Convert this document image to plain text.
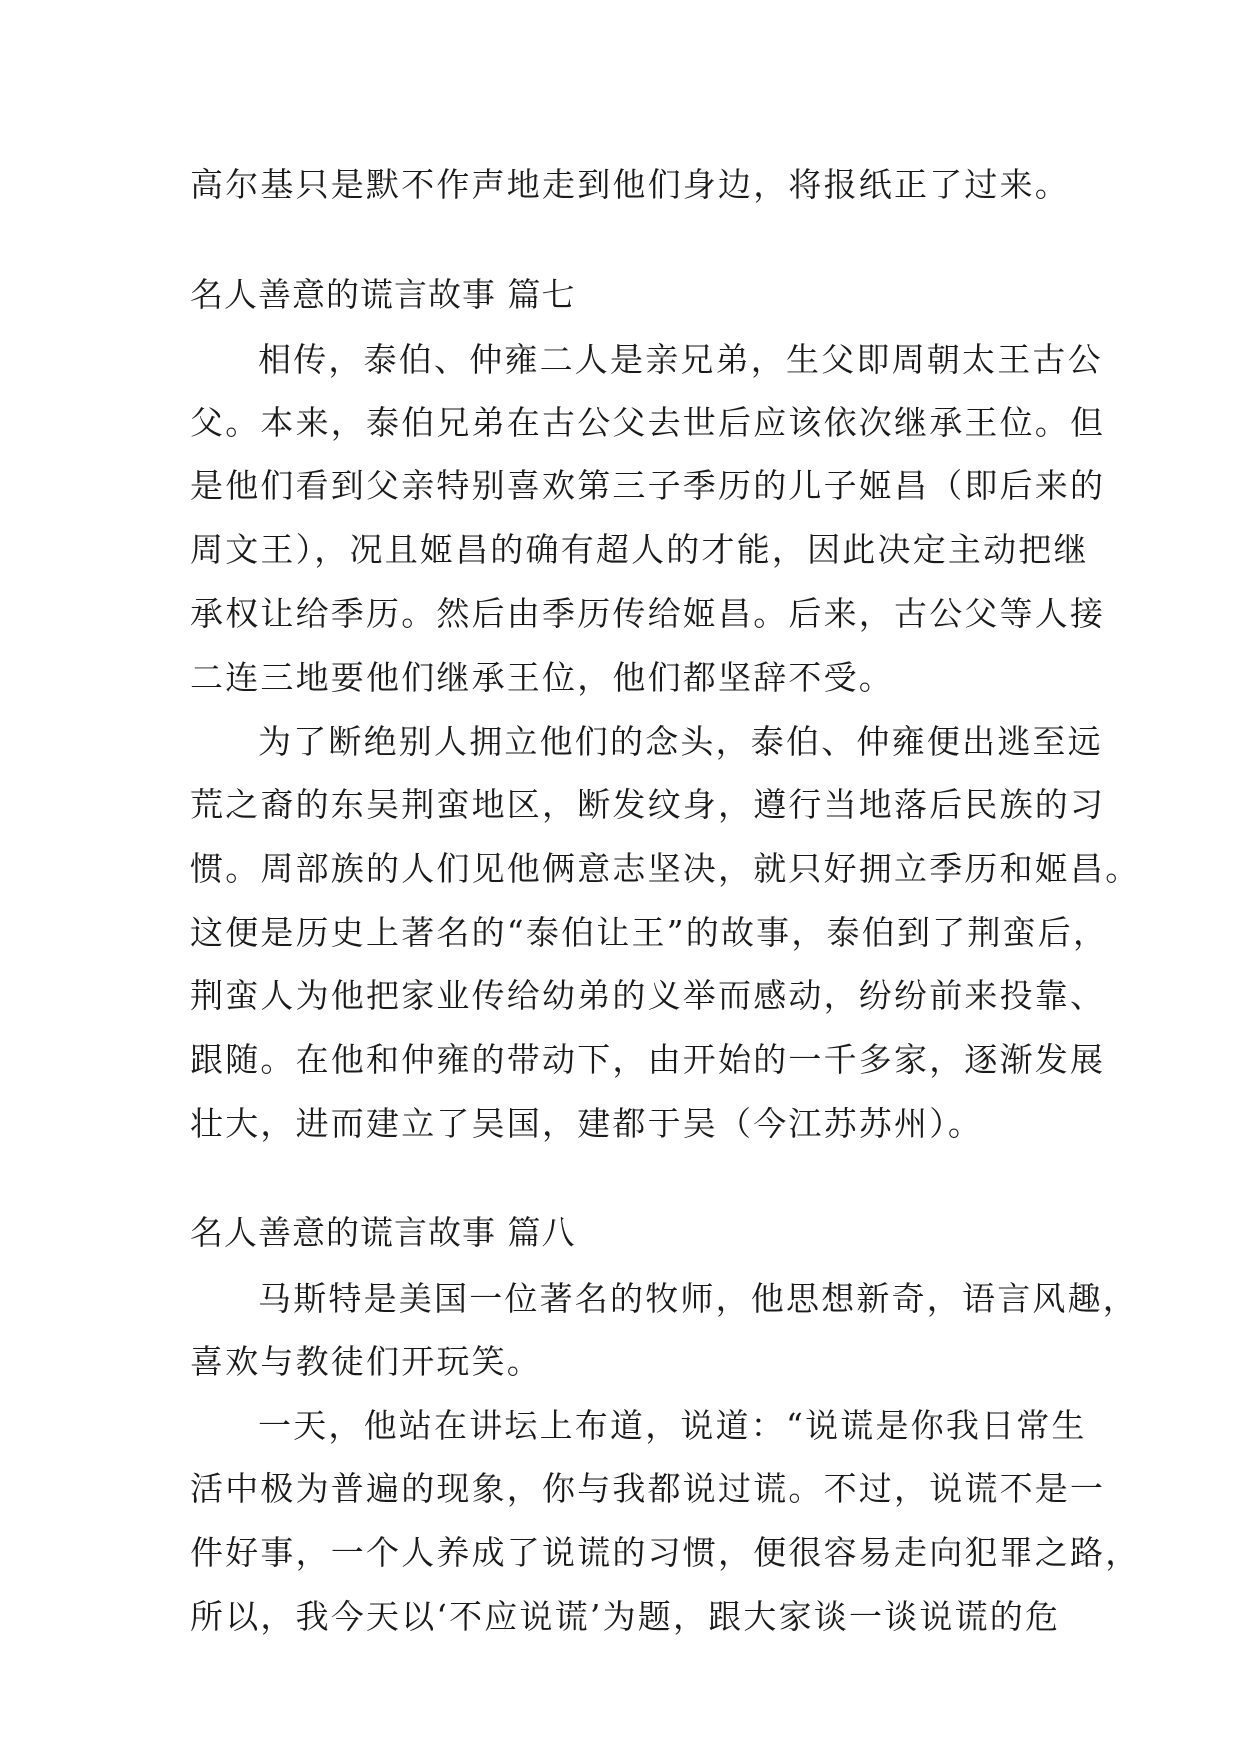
高尔基只是默不作声地走到他们身边，将报纸正了过来。
名人善意的谎言故事 篇七
相传，泰伯、仲雍二人是亲兄弟，生父即周朝太王古公
父。本来，泰伯兄弟在古公父去世后应该依次继承王位。但
是他们看到父亲特别喜欢第三子季历的儿子姬昌（即后来的
周文王），况且姬昌的确有超人的才能，因此决定主动把继
承权让给季历。然后由季历传给姬昌。后来，古公父等人接
二连三地要他们继承王位，他们都坚辞不受。
为了断绝别人拥立他们的念头，泰伯、仲雍便出逃至远
荒之裔的东吴荆蛮地区，断发纹身，遵行当地落后民族的习
惯。周部族的人们见他俩意志坚决，就只好拥立季历和姬昌。
这便是历史上著名的“泰伯让王”的故事，泰伯到了荆蛮后，
荆蛮人为他把家业传给幼弟的义举而感动，纷纷前来投靠、
跟随。在他和仲雍的带动下，由开始的一千多家，逐渐发展
壮大，进而建立了吴国，建都于吴（今江苏苏州）。
名人善意的谎言故事 篇八
马斯特是美国一位著名的牧师，他思想新奇，语言风趣，
喜欢与教徒们开玩笑。
一天，他站在讲坛上布道，说道：“说谎是你我日常生
活中极为普遍的现象，你与我都说过谎。不过，说谎不是一
件好事，一个人养成了说谎的习惯，便很容易走向犯罪之路，
所以，我今天以‘不应说谎’为题，跟大家谈一谈说谎的危
